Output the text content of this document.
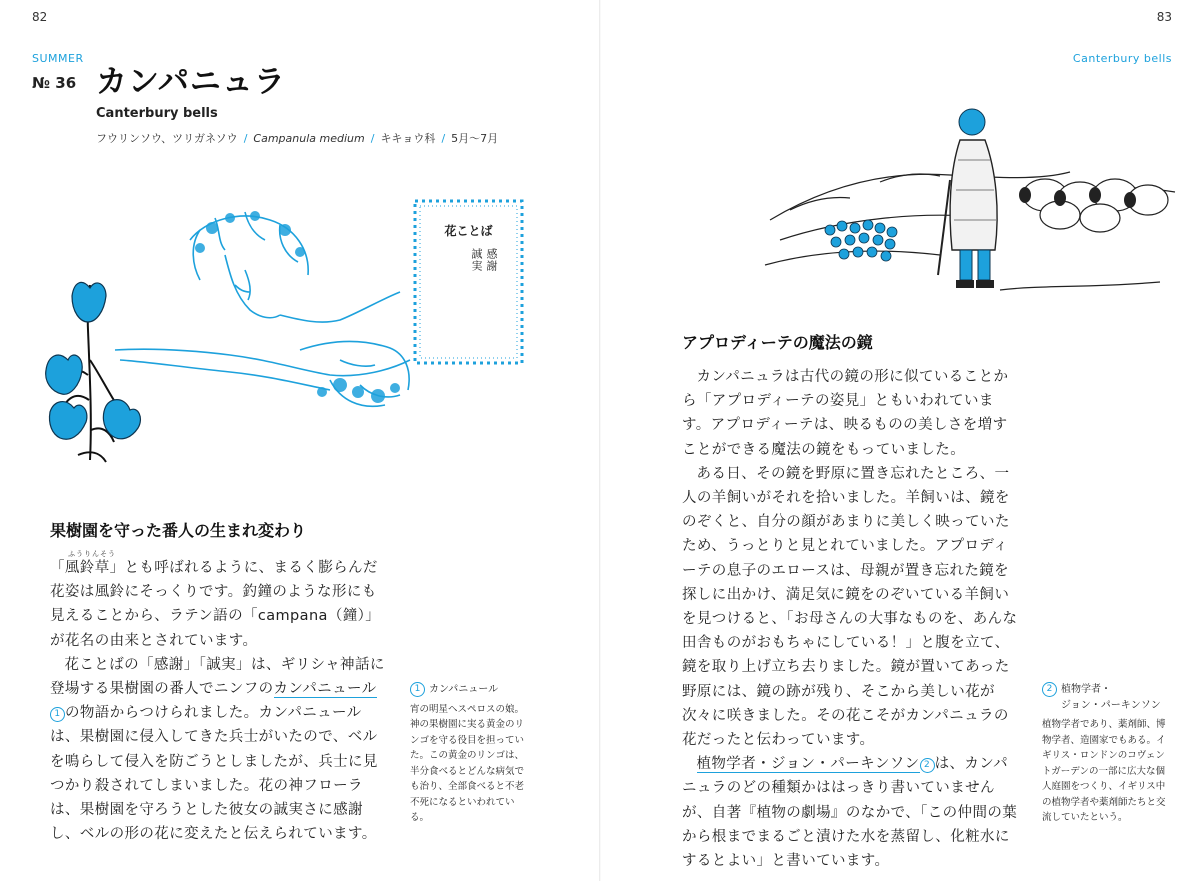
82
SUMMER
№ 36 カンパニュラ
Canterbury bells
フウリンソウ、ツリガネソウ / Campanula medium / キキョウ科 / 5月〜7月
花ことば
感謝
誠実
果樹園を守った番人の生まれ変わり
ふうりんそう

「風鈴草」とも呼ばれるように、まるく膨らんだ花姿は風鈴にそっくりです。釣鐘のような形にも見えることから、ラテン語の「campana（鐘）」が花名の由来とされています。

花ことばの「感謝」「誠実」は、ギリシャ神話に登場する果樹園の番人でニンフのカンパニュール1 の物語からつけられました。カンパニュールは、果樹園に侵入してきた兵士がいたので、ベルを鳴らして侵入を防ごうとしましたが、兵士に見つかり殺されてしまいました。花の神フローラは、果樹園を守ろうとした彼女の誠実さに感謝し、ベルの形の花に変えたと伝えられています。

1 カンパニュール
宵の明星ヘスペロスの娘。神の果樹園に実る黄金のリンゴを守る役目を担っていた。この黄金のリンゴは、半分食べるとどんな病気でも治り、全部食べると不老不死になるといわれている。
83
Canterbury bells
アプロディーテの魔法の鏡

カンパニュラは古代の鏡の形に似ていることから「アプロディーテの姿見」ともいわれています。アプロディーテは、映るものの美しさを増すことができる魔法の鏡をもっていました。

ある日、その鏡を野原に置き忘れたところ、一人の羊飼いがそれを拾いました。羊飼いは、鏡をのぞくと、自分の顔があまりに美しく映っていたため、うっとりと見とれていました。アプロディーテの息子のエロースは、母親が置き忘れた鏡を探しに出かけ、満足気に鏡をのぞいている羊飼いを見つけると、「お母さんの大事なものを、あんな田舎ものがおもちゃにしている！」と腹を立て、鏡を取り上げ立ち去りました。鏡が置いてあった野原には、鏡の跡が残り、そこから美しい花が次々に咲きました。その花こそがカンパニュラの花だったと伝わっています。

植物学者・ジョン・パーキンソン 2 は、カンパニュラのどの種類かははっきり書いていませんが、自著『植物の劇場』のなかで、「この仲間の葉から根までまるごと漬けた水を蒸留し、化粧水にするとよい」と書いています。

2 植物学者・
ジョン・パーキンソン
植物学者であり、薬剤師、博物学者、造園家でもある。イギリス・ロンドンのコヴェントガーデンの一部に広大な個人庭園をつくり、イギリス中の植物学者や薬剤師たちと交流していたという。
